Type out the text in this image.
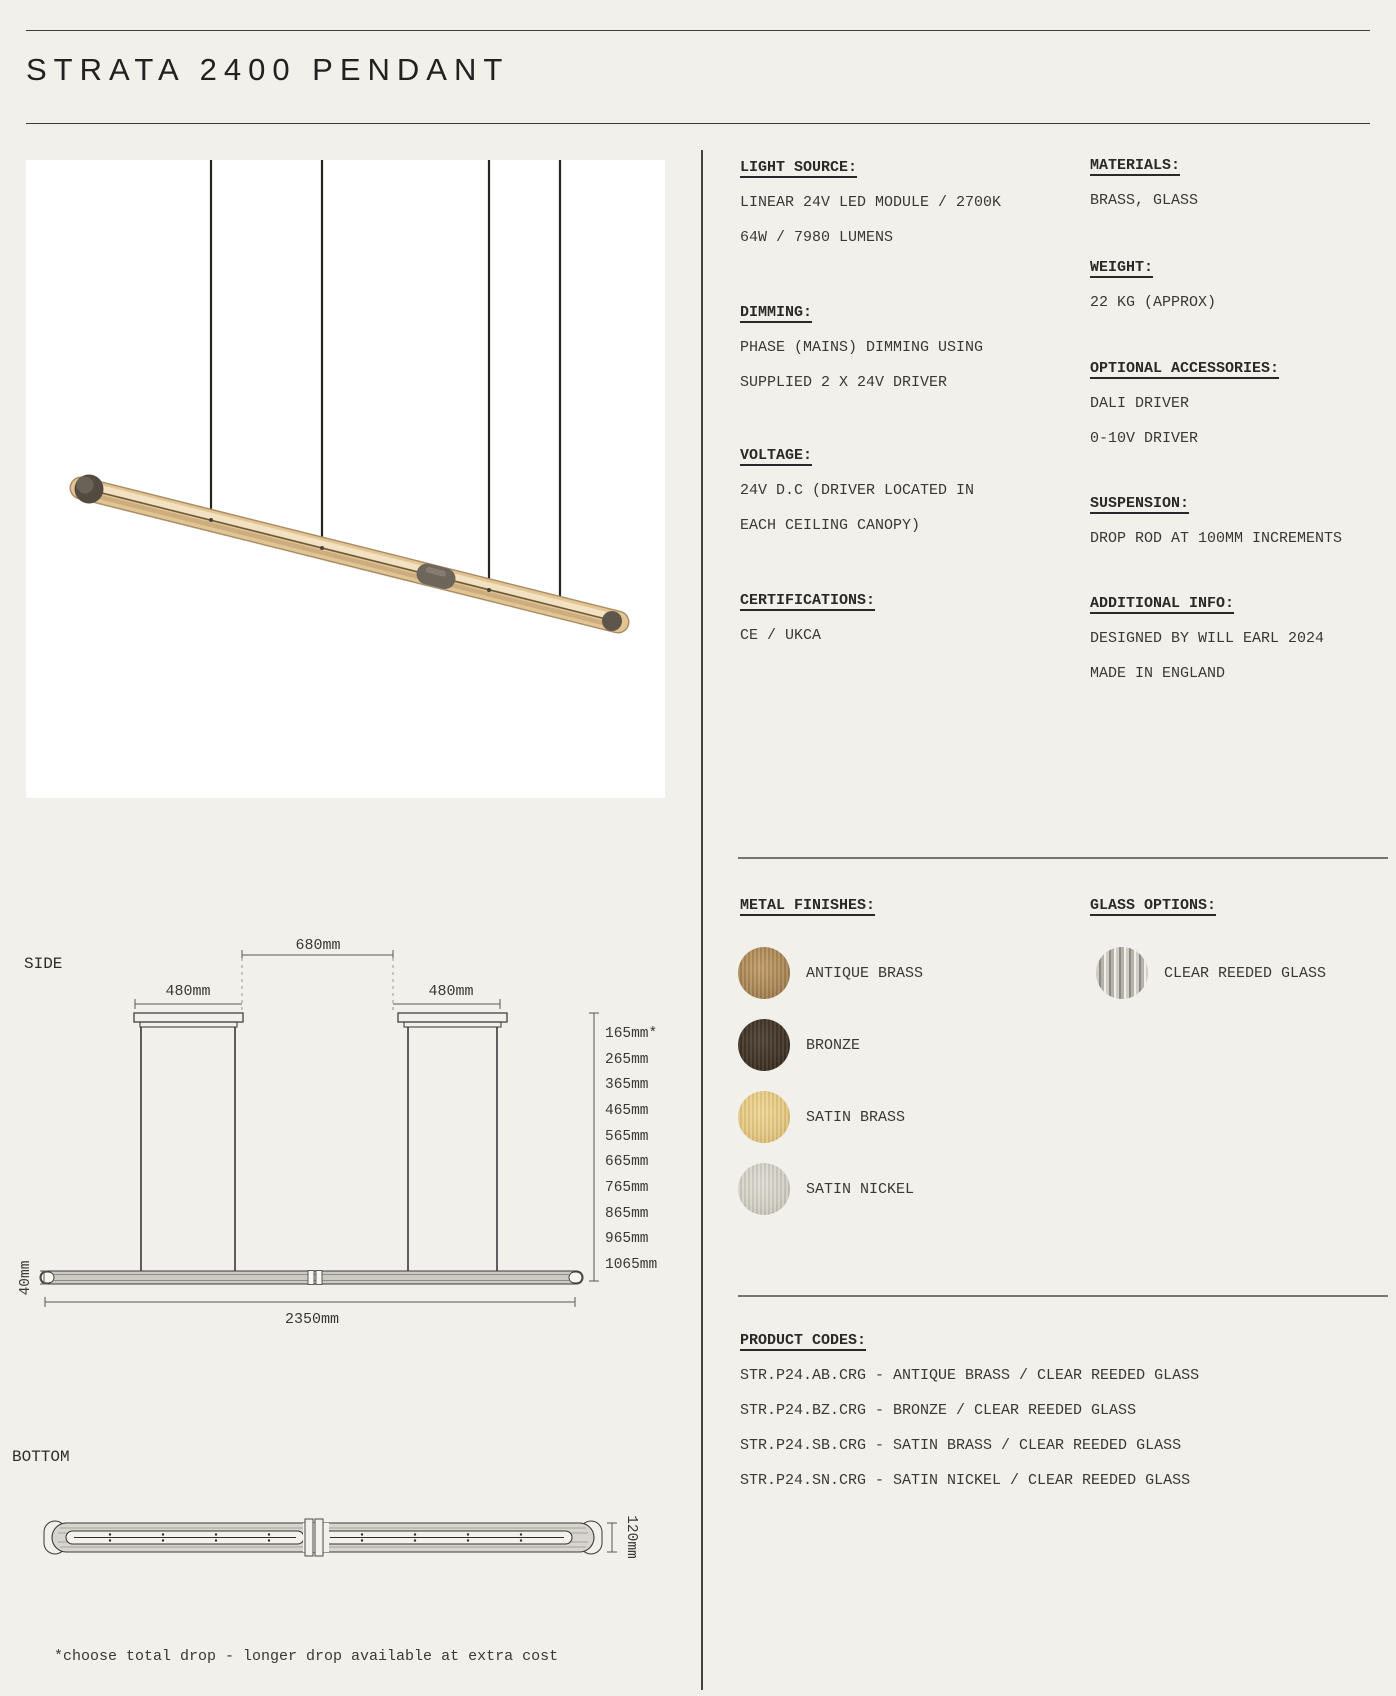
STRATA 2400 PENDANT
LIGHT SOURCE:
LINEAR 24V LED MODULE / 2700K
64W / 7980 LUMENS
DIMMING:
PHASE (MAINS) DIMMING USING
SUPPLIED 2 X 24V DRIVER
VOLTAGE:
24V D.C (DRIVER LOCATED IN
EACH CEILING CANOPY)
CERTIFICATIONS:
CE / UKCA
MATERIALS:
BRASS, GLASS
WEIGHT:
22 KG (APPROX)
OPTIONAL ACCESSORIES:
DALI DRIVER
0-10V DRIVER
SUSPENSION:
DROP ROD AT 100MM INCREMENTS
ADDITIONAL INFO:
DESIGNED BY WILL EARL 2024
MADE IN ENGLAND
METAL FINISHES:
ANTIQUE BRASS
BRONZE
SATIN BRASS
SATIN NICKEL
GLASS OPTIONS:
CLEAR REEDED GLASS
PRODUCT CODES:
STR.P24.AB.CRG - ANTIQUE BRASS / CLEAR REEDED GLASS
STR.P24.BZ.CRG - BRONZE / CLEAR REEDED GLASS
STR.P24.SB.CRG - SATIN BRASS / CLEAR REEDED GLASS
STR.P24.SN.CRG - SATIN NICKEL / CLEAR REEDED GLASS
SIDE
680mm
480mm	480mm
165mm*
265mm
365mm
465mm
565mm
665mm
765mm
865mm
965mm
1065mm
40mm
2350mm
BOTTOM
120mm
*choose total drop - longer drop available at extra cost
